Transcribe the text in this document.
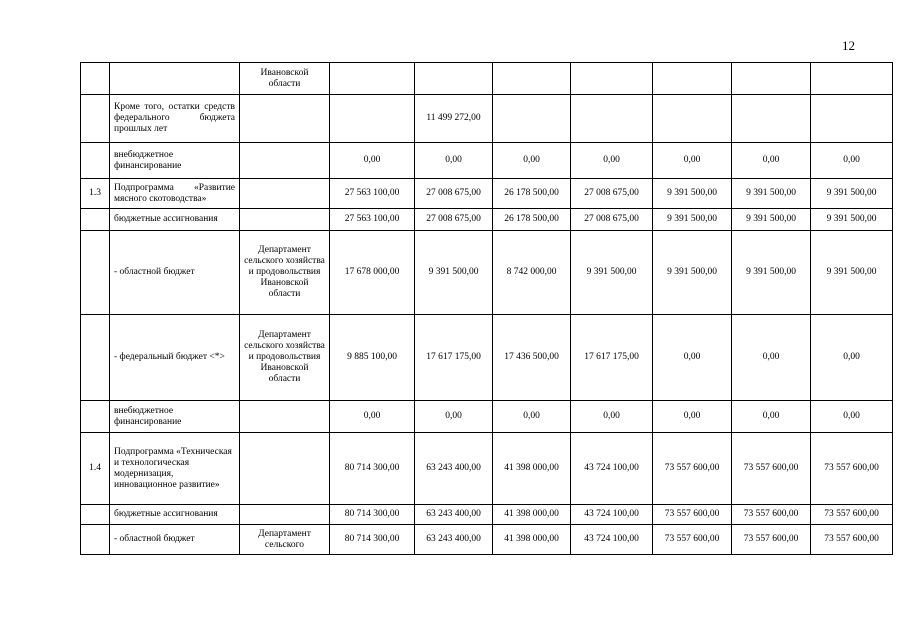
12
		Ивановской области							
	Кроме того, остатки средств федерального бюджета прошлых лет			11 499 272,00					
	внебюджетное финансирование		0,00	0,00	0,00	0,00	0,00	0,00	0,00
1.3	Подпрограмма «Развитие мясного скотоводства»		27 563 100,00	27 008 675,00	26 178 500,00	27 008 675,00	9 391 500,00	9 391 500,00	9 391 500,00
	бюджетные ассигнования		27 563 100,00	27 008 675,00	26 178 500,00	27 008 675,00	9 391 500,00	9 391 500,00	9 391 500,00
	- областной бюджет	Департамент сельского хозяйства и продовольствия Ивановской области	17 678 000,00	9 391 500,00	8 742 000,00	9 391 500,00	9 391 500,00	9 391 500,00	9 391 500,00
	- федеральный бюджет <*>	Департамент сельского хозяйства и продовольствия Ивановской области	9 885 100,00	17 617 175,00	17 436 500,00	17 617 175,00	0,00	0,00	0,00
	внебюджетное финансирование		0,00	0,00	0,00	0,00	0,00	0,00	0,00
1.4	Подпрограмма «Техническая и технологическая модернизация, инновационное развитие»		80 714 300,00	63 243 400,00	41 398 000,00	43 724 100,00	73 557 600,00	73 557 600,00	73 557 600,00
	бюджетные ассигнования		80 714 300,00	63 243 400,00	41 398 000,00	43 724 100,00	73 557 600,00	73 557 600,00	73 557 600,00
	- областной бюджет	Департамент сельского	80 714 300,00	63 243 400,00	41 398 000,00	43 724 100,00	73 557 600,00	73 557 600,00	73 557 600,00
